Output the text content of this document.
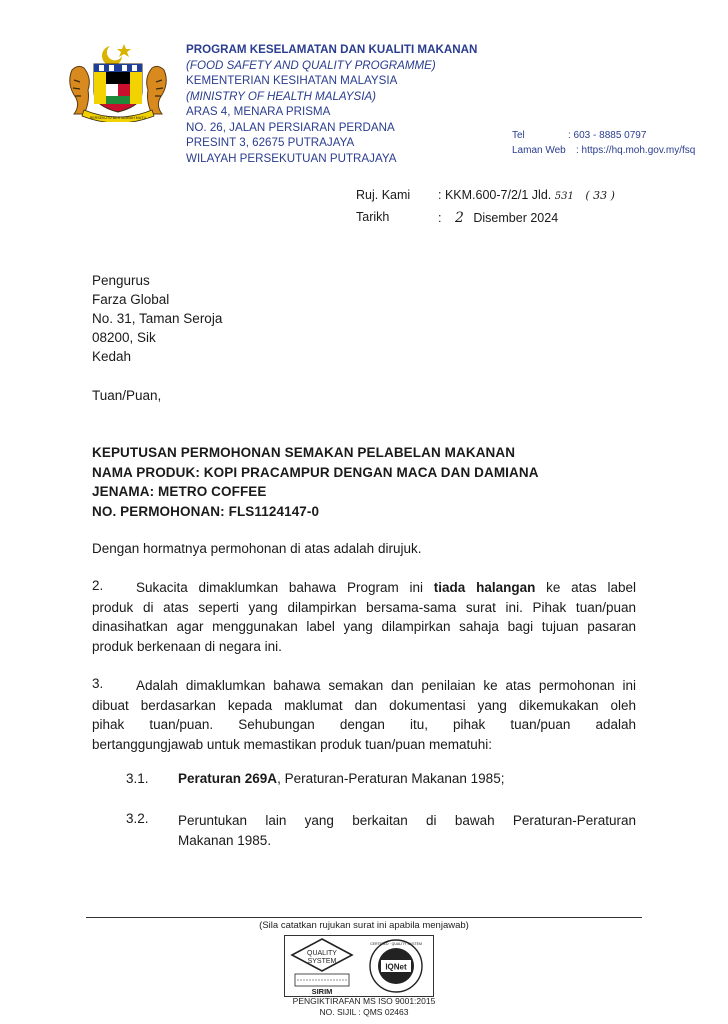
BERSEKUTU BERTAMBAH MUTU
PROGRAM KESELAMATAN DAN KUALITI MAKANAN
(FOOD SAFETY AND QUALITY PROGRAMME)
KEMENTERIAN KESIHATAN MALAYSIA
(MINISTRY OF HEALTH MALAYSIA)
ARAS 4, MENARA PRISMA
NO. 26, JALAN PERSIARAN PERDANA
PRESINT 3, 62675 PUTRAJAYA
WILAYAH PERSEKUTUAN PUTRAJAYA
Tel	: 603 - 8885 0797
Laman Web : https://hq.moh.gov.my/fsq
Ruj. Kami : KKM.600-7/2/1 Jld. 531 ( 33 )
Tarikh	: 2 Disember 2024
Pengurus
Farza Global
No. 31, Taman Seroja
08200, Sik
Kedah
Tuan/Puan,
KEPUTUSAN PERMOHONAN SEMAKAN PELABELAN MAKANAN
NAMA PRODUK: KOPI PRACAMPUR DENGAN MACA DAN DAMIANA
JENAMA: METRO COFFEE
NO. PERMOHONAN: FLS1124147-0
Dengan hormatnya permohonan di atas adalah dirujuk.
2. Sukacita dimaklumkan bahawa Program ini tiada halangan ke atas label
produk di atas seperti yang dilampirkan bersama-sama surat ini. Pihak tuan/puan
dinasihatkan agar menggunakan label yang dilampirkan sahaja bagi tujuan pasaran
produk berkenaan di negara ini.
3. Adalah dimaklumkan bahawa semakan dan penilaian ke atas permohonan ini
dibuat berdasarkan kepada maklumat dan dokumentasi yang dikemukakan oleh
pihak tuan/puan. Sehubungan dengan itu, pihak tuan/puan adalah
bertanggungjawab untuk memastikan produk tuan/puan mematuhi:
3.1. Peraturan 269A, Peraturan-Peraturan Makanan 1985;
3.2. Peruntukan lain yang berkaitan di bawah Peraturan-Peraturan
Makanan 1985.
(Sila catatkan rujukan surat ini apabila menjawab)
QUALITY
SYSTEM
SIRIM
IQNet
CERTIFIED · QUALITY SYSTEM
PENGIKTIRAFAN MS ISO 9001:2015
NO. SIJIL : QMS 02463
